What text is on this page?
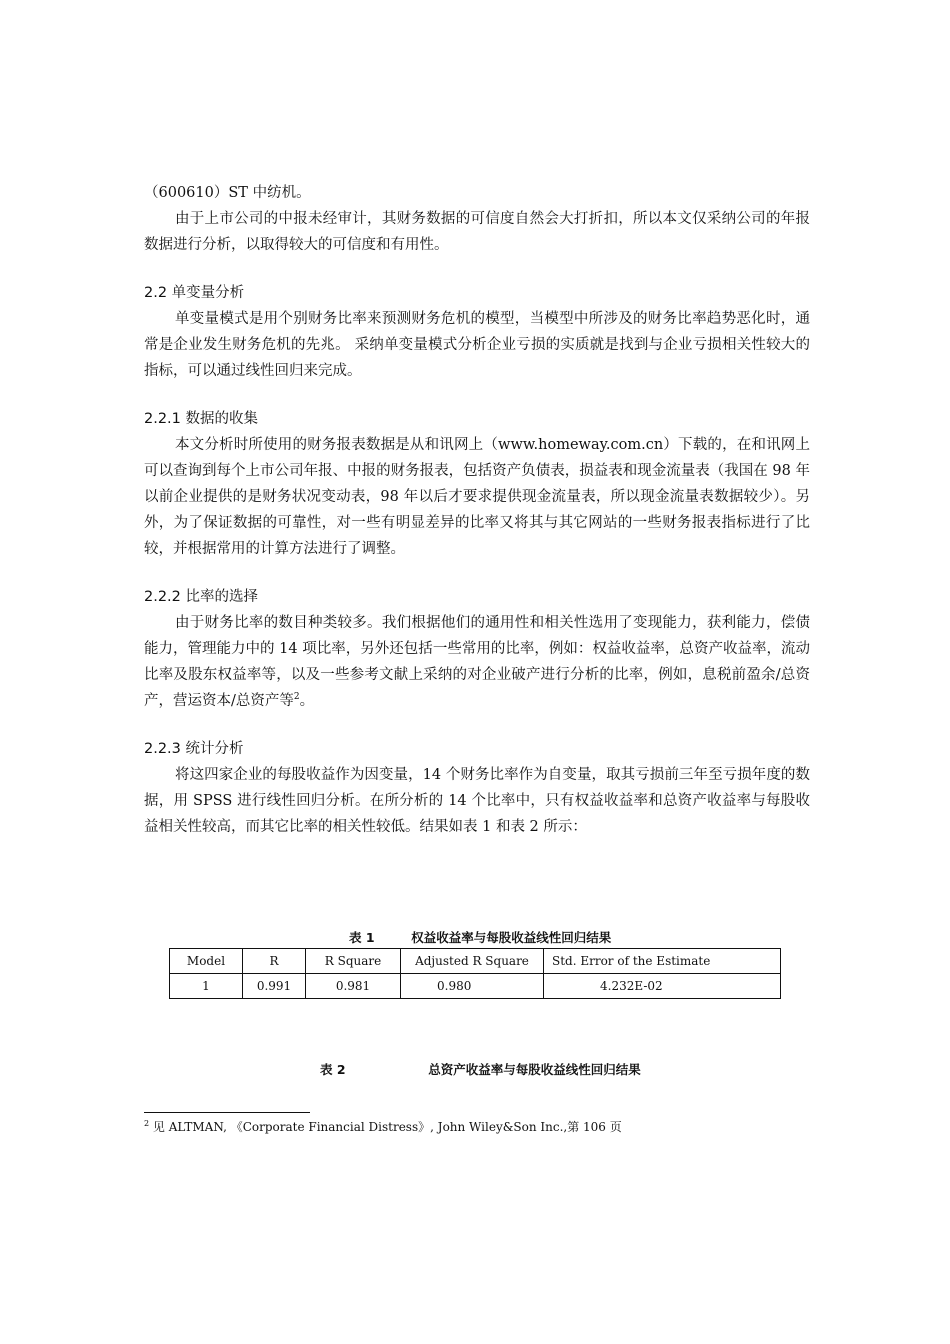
（600610）ST 中纺机。

由于上市公司的中报未经审计，其财务数据的可信度自然会大打折扣，所以本文仅采纳公司的年报数据进行分析，以取得较大的可信度和有用性。

2.2 单变量分析

单变量模式是用个别财务比率来预测财务危机的模型，当模型中所涉及的财务比率趋势恶化时，通常是企业发生财务危机的先兆。 采纳单变量模式分析企业亏损的实质就是找到与企业亏损相关性较大的指标，可以通过线性回归来完成。

2.2.1 数据的收集

本文分析时所使用的财务报表数据是从和讯网上（www.homeway.com.cn）下载的，在和讯网上可以查询到每个上市公司年报、中报的财务报表，包括资产负债表，损益表和现金流量表（我国在 98 年以前企业提供的是财务状况变动表，98 年以后才要求提供现金流量表，所以现金流量表数据较少）。另外，为了保证数据的可靠性，对一些有明显差异的比率又将其与其它网站的一些财务报表指标进行了比较，并根据常用的计算方法进行了调整。

2.2.2 比率的选择

由于财务比率的数目种类较多。我们根据他们的通用性和相关性选用了变现能力，获利能力，偿债能力，管理能力中的 14 项比率，另外还包括一些常用的比率，例如：权益收益率，总资产收益率，流动比率及股东权益率等，以及一些参考文献上采纳的对企业破产进行分析的比率，例如，息税前盈余/总资产，营运资本/总资产等$^2$。

2.2.3 统计分析

将这四家企业的每股收益作为因变量，14 个财务比率作为自变量，取其亏损前三年至亏损年度的数据，用 SPSS 进行线性回归分析。在所分析的 14 个比率中，只有权益收益率和总资产收益率与每股收益相关性较高，而其它比率的相关性较低。结果如表 1 和表 2 所示：

表 1	权益收益率与每股收益线性回归结果
Model	R	R Square	Adjusted R Square	Std. Error of the Estimate
1	0.991	0.981	0.980	4.232E-02
表 2	总资产收益率与每股收益线性回归结果
$^2$ 见 ALTMAN, 《Corporate Financial Distress》, John Wiley&Son Inc.,第 106 页
